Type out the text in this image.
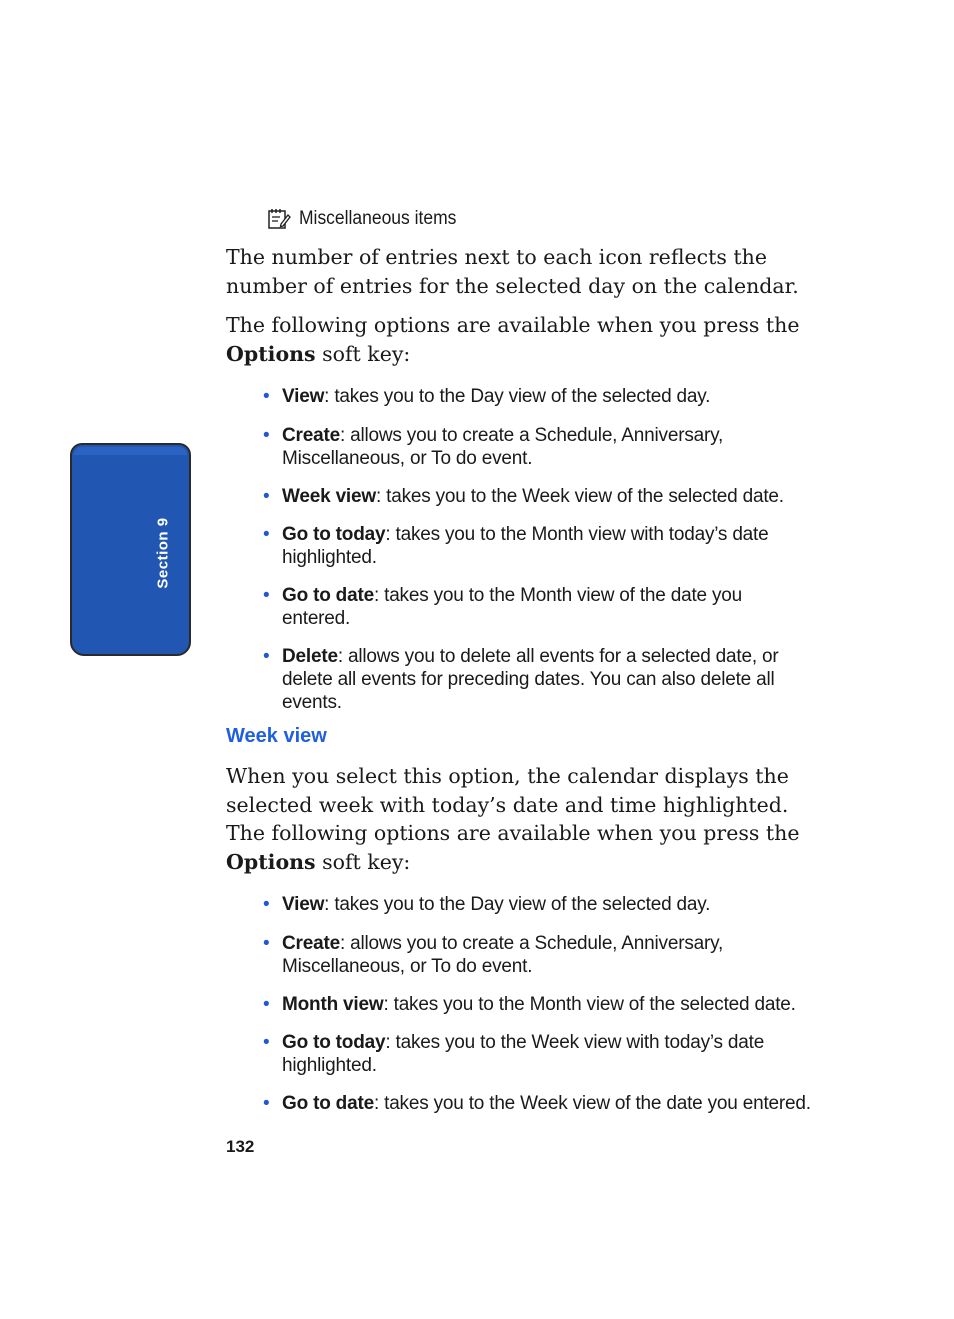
Section 9
Miscellaneous items

The number of entries next to each icon reflects the number of entries for the selected day on the calendar.

The following options are available when you press the Options soft key:

• View: takes you to the Day view of the selected day.
• Create: allows you to create a Schedule, Anniversary, Miscellaneous, or To do event.
• Week view: takes you to the Week view of the selected date.
• Go to today: takes you to the Month view with today’s date highlighted.
• Go to date: takes you to the Month view of the date you entered.
• Delete: allows you to delete all events for a selected date, or delete all events for preceding dates. You can also delete all events.
Week view

When you select this option, the calendar displays the selected week with today’s date and time highlighted. The following options are available when you press the Options soft key:

• View: takes you to the Day view of the selected day.
• Create: allows you to create a Schedule, Anniversary, Miscellaneous, or To do event.
• Month view: takes you to the Month view of the selected date.
• Go to today: takes you to the Week view with today’s date highlighted.
• Go to date: takes you to the Week view of the date you entered.
132
